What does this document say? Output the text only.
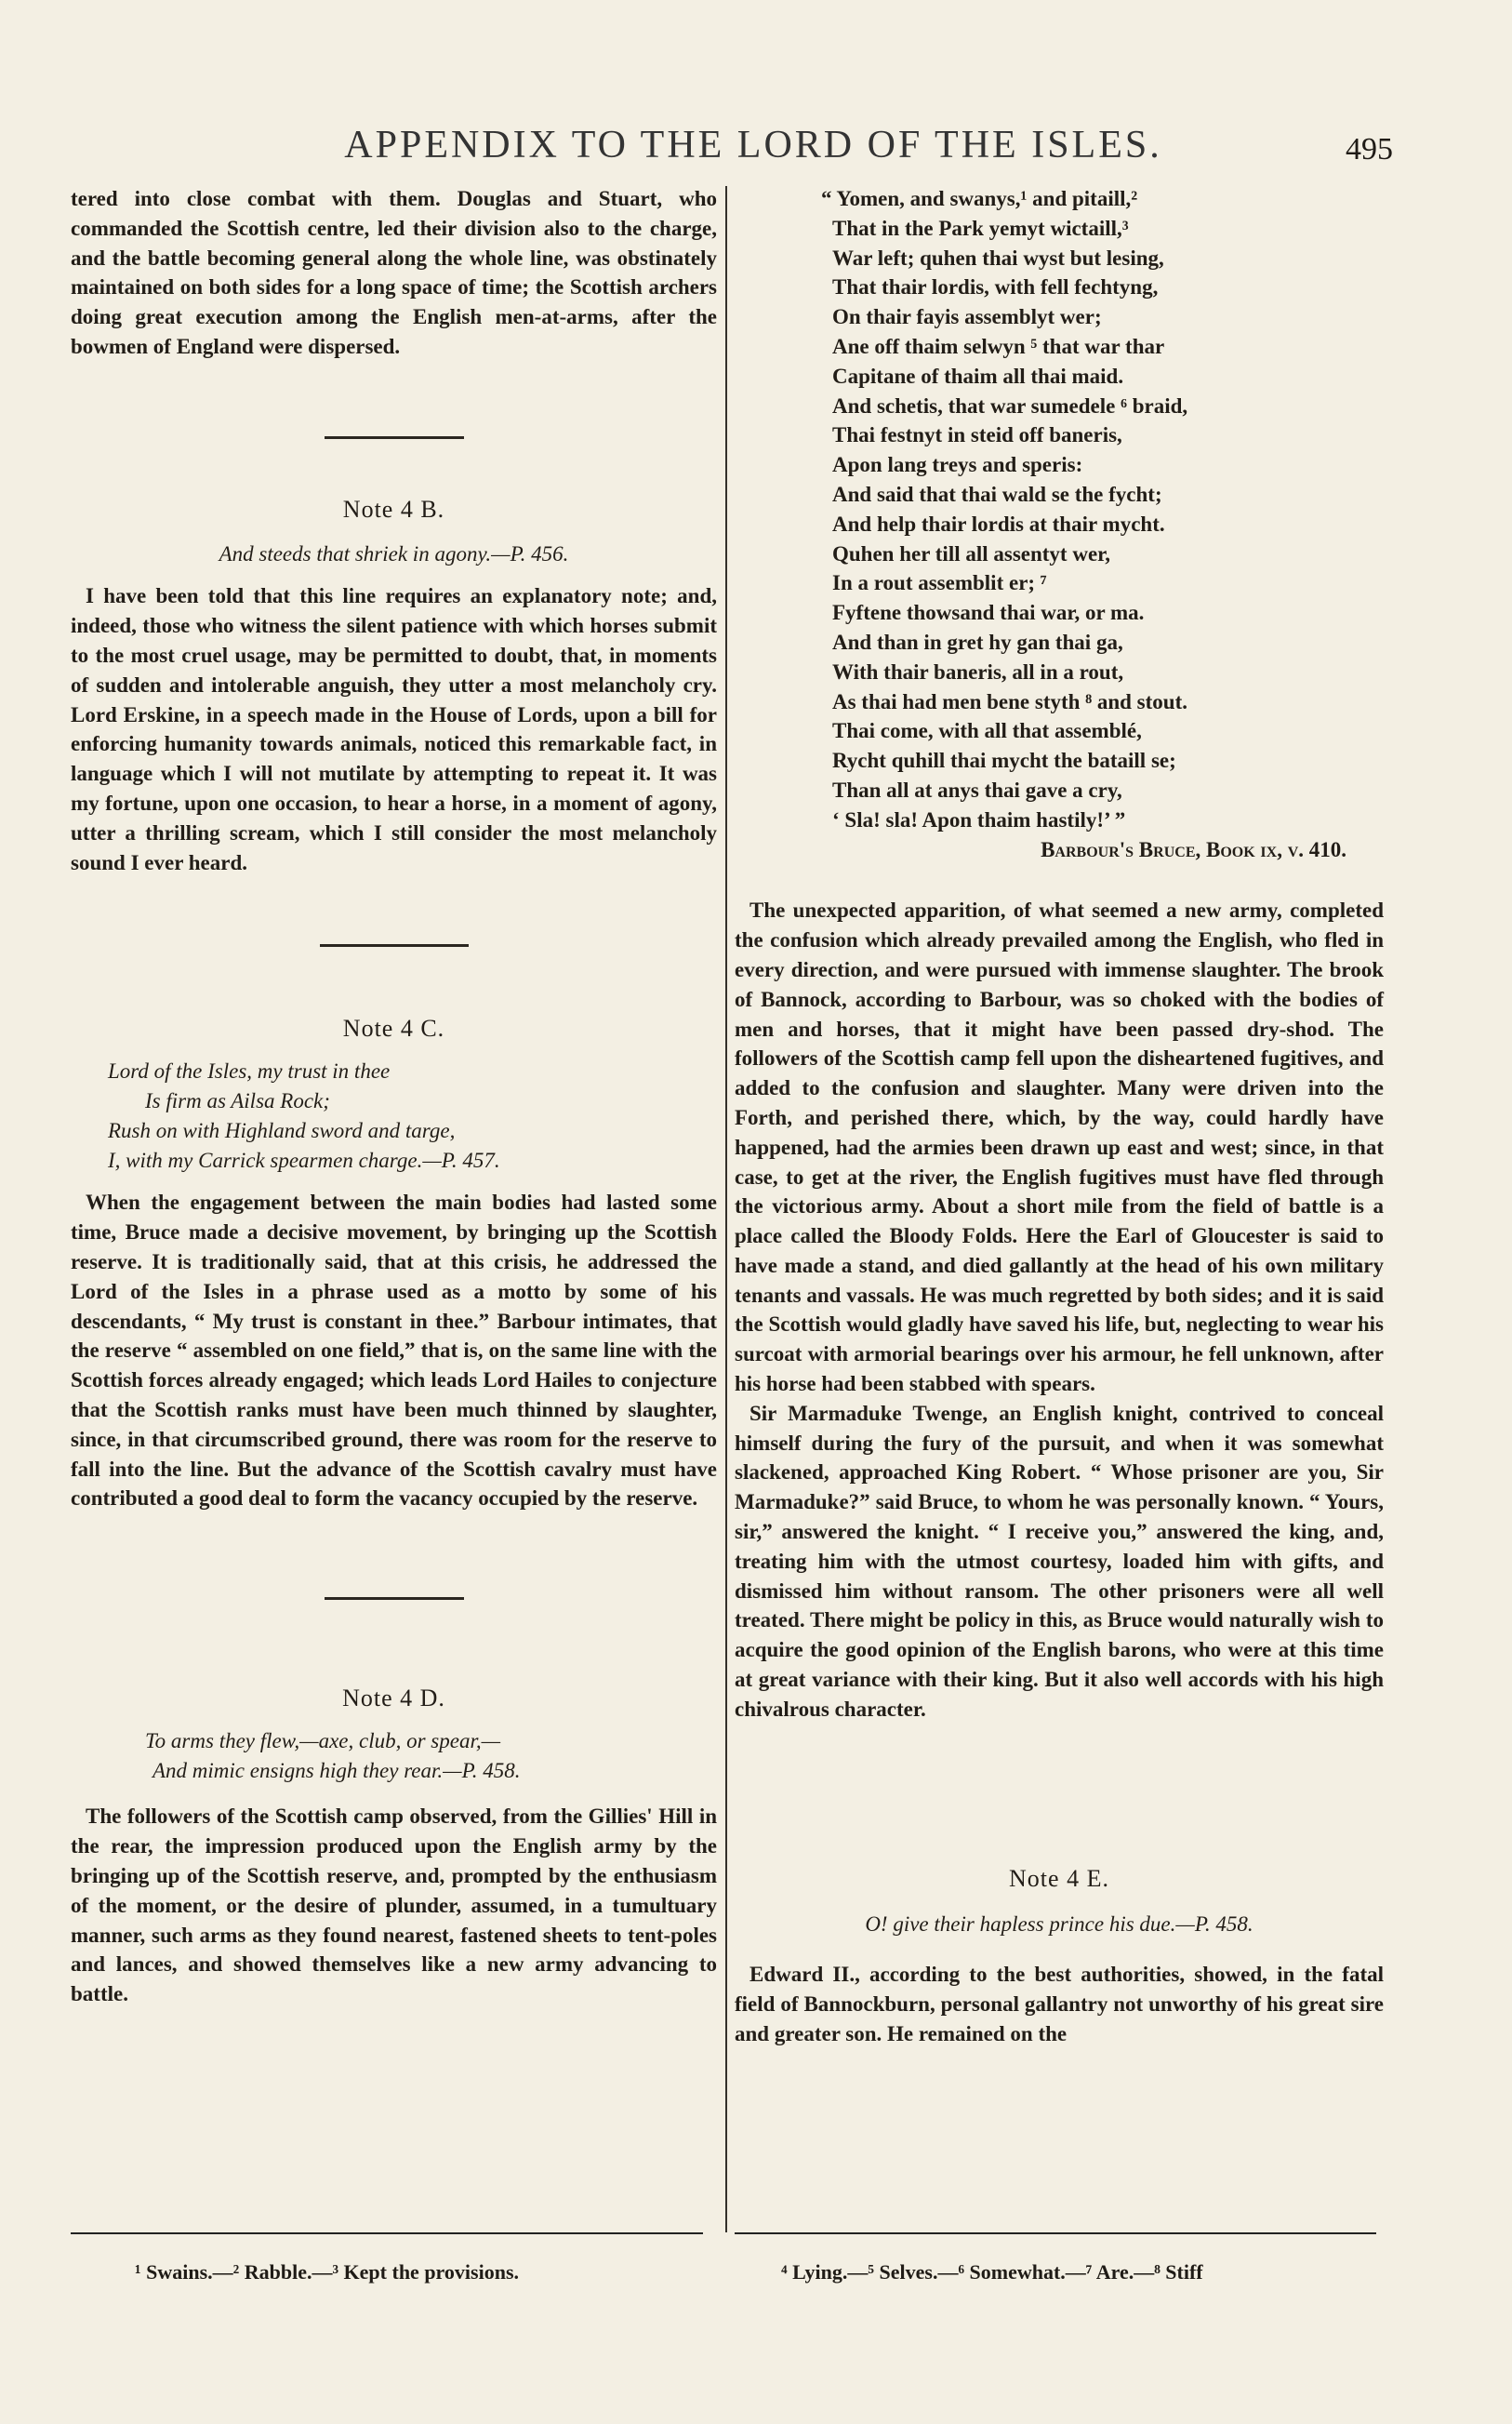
APPENDIX TO THE LORD OF THE ISLES.	495

tered into close combat with them. Douglas and Stuart, who commanded the Scottish centre, led their division also to the charge, and the battle becoming general along the whole line, was obstinately maintained on both sides for a long space of time; the Scottish archers doing great execution among the English men-at-arms, after the bowmen of England were dispersed.

Note 4 B.
And steeds that shriek in agony.—P. 456.

I have been told that this line requires an explanatory note; and, indeed, those who witness the silent patience with which horses submit to the most cruel usage, may be permitted to doubt, that, in moments of sudden and intolerable anguish, they utter a most melancholy cry. Lord Erskine, in a speech made in the House of Lords, upon a bill for enforcing humanity towards animals, noticed this remarkable fact, in language which I will not mutilate by attempting to repeat it. It was my fortune, upon one occasion, to hear a horse, in a moment of agony, utter a thrilling scream, which I still consider the most melancholy sound I ever heard.

Note 4 C.
Lord of the Isles, my trust in thee
Is firm as Ailsa Rock;
Rush on with Highland sword and targe,
I, with my Carrick spearmen charge.—P. 457.

When the engagement between the main bodies had lasted some time, Bruce made a decisive movement, by bringing up the Scottish reserve. It is traditionally said, that at this crisis, he addressed the Lord of the Isles in a phrase used as a motto by some of his descendants, “ My trust is constant in thee.” Barbour intimates, that the reserve “ assembled on one field,” that is, on the same line with the Scottish forces already engaged; which leads Lord Hailes to conjecture that the Scottish ranks must have been much thinned by slaughter, since, in that circumscribed ground, there was room for the reserve to fall into the line. But the advance of the Scottish cavalry must have contributed a good deal to form the vacancy occupied by the reserve.

Note 4 D.
To arms they flew,—axe, club, or spear,—
And mimic ensigns high they rear.—P. 458.

The followers of the Scottish camp observed, from the Gillies' Hill in the rear, the impression produced upon the English army by the bringing up of the Scottish reserve, and, prompted by the enthusiasm of the moment, or the desire of plunder, assumed, in a tumultuary manner, such arms as they found nearest, fastened sheets to tent-poles and lances, and showed themselves like a new army advancing to battle.

¹ Swains.—² Rabble.—³ Kept the provisions.
“ Yomen, and swanys,¹ and pitaill,²
That in the Park yemyt wictaill,³
War left; quhen thai wyst but lesing,
That thair lordis, with fell fechtyng,
On thair fayis assemblyt wer;
Ane off thaim selwyn ⁵ that war thar
Capitane of thaim all thai maid.
And schetis, that war sumedele ⁶ braid,
Thai festnyt in steid off baneris,
Apon lang treys and speris:
And said that thai wald se the fycht;
And help thair lordis at thair mycht.
Quhen her till all assentyt wer,
In a rout assemblit er; ⁷
Fyftene thowsand thai war, or ma.
And than in gret hy gan thai ga,
With thair baneris, all in a rout,
As thai had men bene styth ⁸ and stout.
Thai come, with all that assemblé,
Rycht quhill thai mycht the bataill se;
Than all at anys thai gave a cry,
‘ Sla! sla! Apon thaim hastily!’ ”
Barbour's Bruce, Book ix, v. 410.

The unexpected apparition, of what seemed a new army, completed the confusion which already prevailed among the English, who fled in every direction, and were pursued with immense slaughter. The brook of Bannock, according to Barbour, was so choked with the bodies of men and horses, that it might have been passed dry-shod. The followers of the Scottish camp fell upon the disheartened fugitives, and added to the confusion and slaughter. Many were driven into the Forth, and perished there, which, by the way, could hardly have happened, had the armies been drawn up east and west; since, in that case, to get at the river, the English fugitives must have fled through the victorious army. About a short mile from the field of battle is a place called the Bloody Folds. Here the Earl of Gloucester is said to have made a stand, and died gallantly at the head of his own military tenants and vassals. He was much regretted by both sides; and it is said the Scottish would gladly have saved his life, but, neglecting to wear his surcoat with armorial bearings over his armour, he fell unknown, after his horse had been stabbed with spears.

Sir Marmaduke Twenge, an English knight, contrived to conceal himself during the fury of the pursuit, and when it was somewhat slackened, approached King Robert. “ Whose prisoner are you, Sir Marmaduke?” said Bruce, to whom he was personally known. “ Yours, sir,” answered the knight. “ I receive you,” answered the king, and, treating him with the utmost courtesy, loaded him with gifts, and dismissed him without ransom. The other prisoners were all well treated. There might be policy in this, as Bruce would naturally wish to acquire the good opinion of the English barons, who were at this time at great variance with their king. But it also well accords with his high chivalrous character.

Note 4 E.
O! give their hapless prince his due.—P. 458.

Edward II., according to the best authorities, showed, in the fatal field of Bannockburn, personal gallantry not unworthy of his great sire and greater son. He remained on the

⁴ Lying.—⁵ Selves.—⁶ Somewhat.—⁷ Are.—⁸ Stiff
